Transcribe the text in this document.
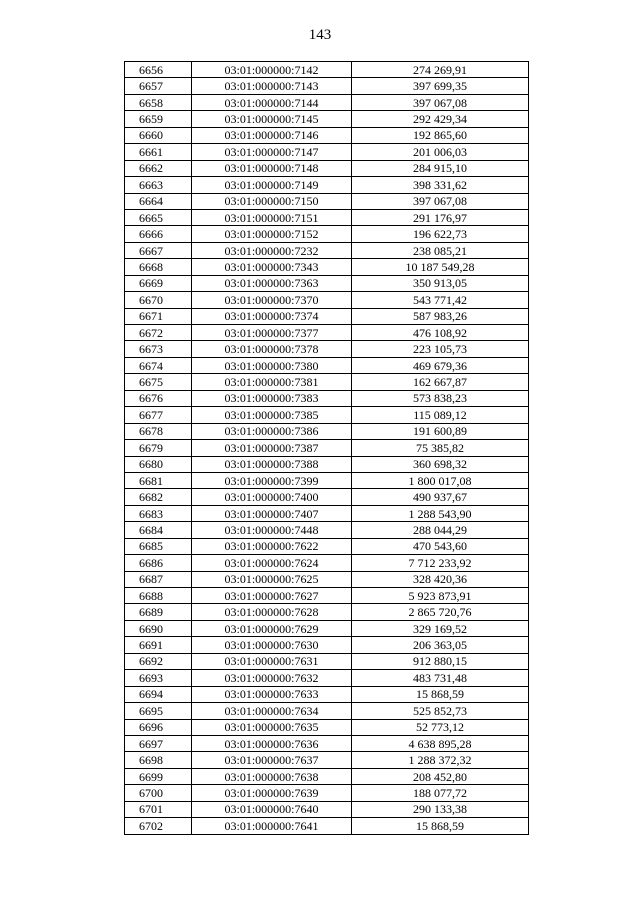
143
6656	03:01:000000:7142	274 269,91
6657	03:01:000000:7143	397 699,35
6658	03:01:000000:7144	397 067,08
6659	03:01:000000:7145	292 429,34
6660	03:01:000000:7146	192 865,60
6661	03:01:000000:7147	201 006,03
6662	03:01:000000:7148	284 915,10
6663	03:01:000000:7149	398 331,62
6664	03:01:000000:7150	397 067,08
6665	03:01:000000:7151	291 176,97
6666	03:01:000000:7152	196 622,73
6667	03:01:000000:7232	238 085,21
6668	03:01:000000:7343	10 187 549,28
6669	03:01:000000:7363	350 913,05
6670	03:01:000000:7370	543 771,42
6671	03:01:000000:7374	587 983,26
6672	03:01:000000:7377	476 108,92
6673	03:01:000000:7378	223 105,73
6674	03:01:000000:7380	469 679,36
6675	03:01:000000:7381	162 667,87
6676	03:01:000000:7383	573 838,23
6677	03:01:000000:7385	115 089,12
6678	03:01:000000:7386	191 600,89
6679	03:01:000000:7387	75 385,82
6680	03:01:000000:7388	360 698,32
6681	03:01:000000:7399	1 800 017,08
6682	03:01:000000:7400	490 937,67
6683	03:01:000000:7407	1 288 543,90
6684	03:01:000000:7448	288 044,29
6685	03:01:000000:7622	470 543,60
6686	03:01:000000:7624	7 712 233,92
6687	03:01:000000:7625	328 420,36
6688	03:01:000000:7627	5 923 873,91
6689	03:01:000000:7628	2 865 720,76
6690	03:01:000000:7629	329 169,52
6691	03:01:000000:7630	206 363,05
6692	03:01:000000:7631	912 880,15
6693	03:01:000000:7632	483 731,48
6694	03:01:000000:7633	15 868,59
6695	03:01:000000:7634	525 852,73
6696	03:01:000000:7635	52 773,12
6697	03:01:000000:7636	4 638 895,28
6698	03:01:000000:7637	1 288 372,32
6699	03:01:000000:7638	208 452,80
6700	03:01:000000:7639	188 077,72
6701	03:01:000000:7640	290 133,38
6702	03:01:000000:7641	15 868,59
